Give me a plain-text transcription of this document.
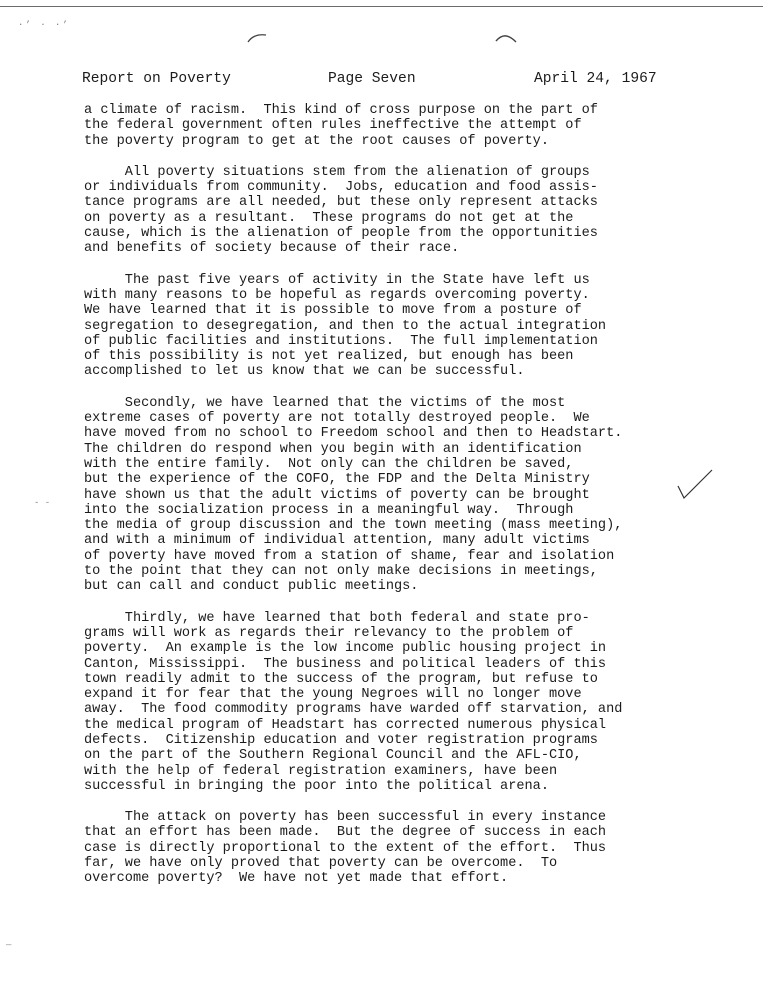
·’ · ·’
Report on Poverty	Page Seven	April 24, 1967
a climate of racism.  This kind of cross purpose on the part of
the federal government often rules ineffective the attempt of
the poverty program to get at the root causes of poverty.
All poverty situations stem from the alienation of groups
or individuals from community.  Jobs, education and food assis-
tance programs are all needed, but these only represent attacks
on poverty as a resultant.  These programs do not get at the
cause, which is the alienation of people from the opportunities
and benefits of society because of their race.
The past five years of activity in the State have left us
with many reasons to be hopeful as regards overcoming poverty.
We have learned that it is possible to move from a posture of
segregation to desegregation, and then to the actual integration
of public facilities and institutions.  The full implementation
of this possibility is not yet realized, but enough has been
accomplished to let us know that we can be successful.
Secondly, we have learned that the victims of the most
extreme cases of poverty are not totally destroyed people.  We
have moved from no school to Freedom school and then to Headstart.
The children do respond when you begin with an identification
with the entire family.  Not only can the children be saved,
but the experience of the COFO, the FDP and the Delta Ministry
have shown us that the adult victims of poverty can be brought
into the socialization process in a meaningful way.  Through
the media of group discussion and the town meeting (mass meeting),
and with a minimum of individual attention, many adult victims
of poverty have moved from a station of shame, fear and isolation
to the point that they can not only make decisions in meetings,
but can call and conduct public meetings.
Thirdly, we have learned that both federal and state pro-
grams will work as regards their relevancy to the problem of
poverty.  An example is the low income public housing project in
Canton, Mississippi.  The business and political leaders of this
town readily admit to the success of the program, but refuse to
expand it for fear that the young Negroes will no longer move
away.  The food commodity programs have warded off starvation, and
the medical program of Headstart has corrected numerous physical
defects.  Citizenship education and voter registration programs
on the part of the Southern Regional Council and the AFL-CIO,
with the help of federal registration examiners, have been
successful in bringing the poor into the political arena.
The attack on poverty has been successful in every instance
that an effort has been made.  But the degree of success in each
case is directly proportional to the extent of the effort.  Thus
far, we have only proved that poverty can be overcome.  To
overcome poverty?  We have not yet made that effort.
- -
—
